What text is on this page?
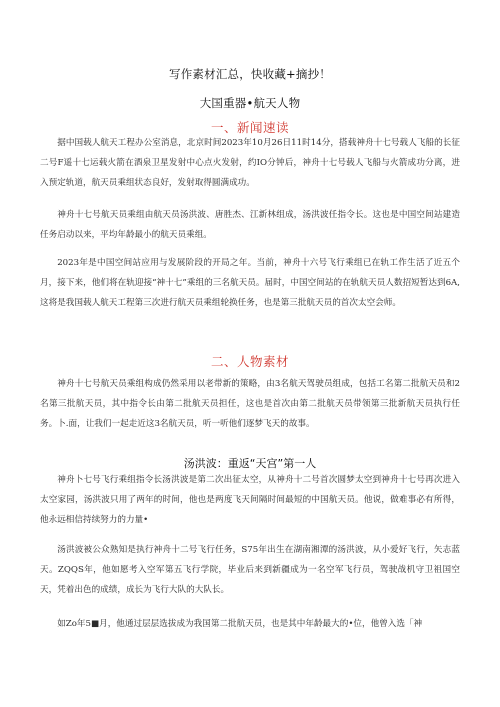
写作素材汇总，快收藏+摘抄！
大国重器•航天人物
一、新闻速读

据中国载人航天工程办公室消息，北京时间2023年10月26日11时14分，搭载神舟十七号载人飞船的长征二号F遥十七运载火箭在酒泉卫星发射中心点火发射，约IO分钟后，神舟十七号载人飞船与火箭成功分离，进入预定轨道，航天员乘组状态良好，发射取得圆满成功。

神舟十七号航天员乘组由航天员汤洪波、唐胜杰、江新林组成，汤洪波任指令长。这也是中国空间站建造任务启动以来，平均年龄最小的航天员乘组。

2023年是中国空间站应用与发展阶段的开局之年。当前，神舟十六号飞行乘组已在轨工作生活了近五个月，接下来，他们将在轨迎接“神十七”乘组的三名航天员。届时，中国空间站的在轨航天员人数招短暂达到6A,这将是我国载人航天工程第三次进行航天员乘组轮换任务，也是第三批航天员的首次太空会师。

二、人物素材

神舟十七号航天员乘组构成仍然采用以老带新的策略，由3名航天驾驶员组成，包括工名第二批航天员和2名第三批航天员，其中指令长由第二批航天员担任，这也是首次由第二批航天员带领第三批新航天员执行任务。卜.面，让我们一起走近这3名航天员，听一听他们逐梦飞天的故事。

汤洪波：重返“天宫”第一人

神舟卜七号飞行乘组指令长汤洪波是第二次出征太空，从神舟十二号首次圆梦太空到神舟十七号再次进入太空家园，汤洪波只用了两年的时间，他也是两度飞天间隔时间最短的中国航天员。他说，做难事必有所得，他永远相信持续努力的力量•

汤洪波被公众熟知是执行神舟十二号飞行任务，S75年出生在湖南湘潭的汤洪波，从小爱好飞行，矢志蓝天。ZQQS年，他如愿考入空军第五飞行学院，毕业后来到新疆成为一名空军飞行员，驾驶战机守卫祖国空天，凭着出色的成绩，成长为飞行大队的大队长。

如Zo年5■月，他通过层层选拔成为我国第二批航天员，也是其中年龄最大的•位，他曾入选「神
